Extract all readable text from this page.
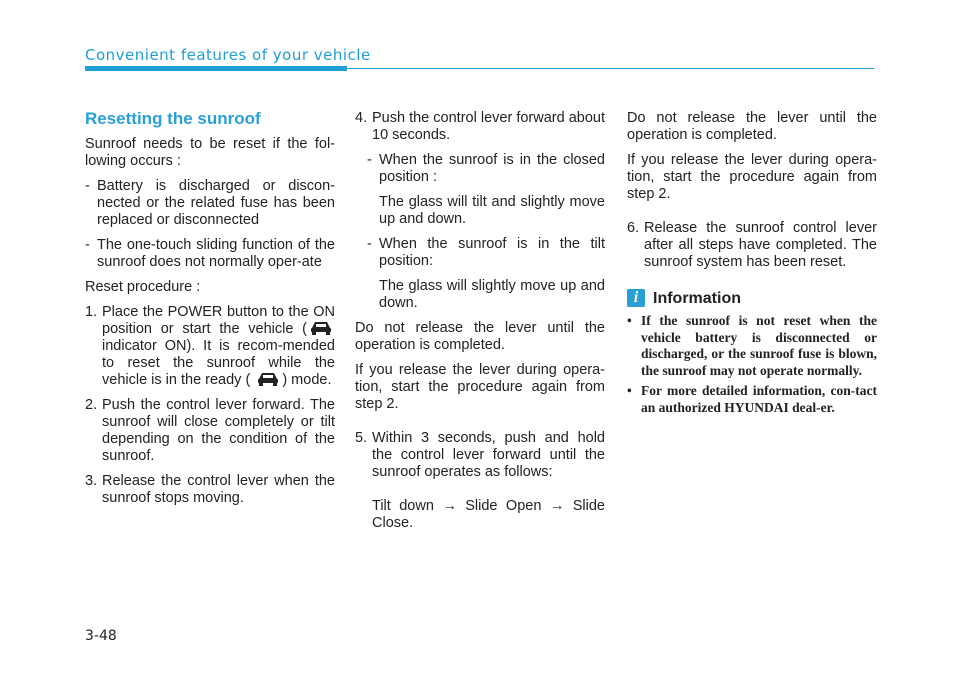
Convenient features of your vehicle
Resetting the sunroof

Sunroof needs to be reset if the fol-lowing occurs :

- Battery is discharged or discon-nected or the related fuse has been replaced or disconnected
- The one-touch sliding function of the sunroof does not normally oper-ate

Reset procedure :

1. Place the POWER button to the ON position or start the vehicle ( indicator ON). It is recom-mended to reset the sunroof while the vehicle is in the ready ( ) mode.
2. Push the control lever forward. The sunroof will close completely or tilt depending on the condition of the sunroof.
3. Release the control lever when the sunroof stops moving.
4. Push the control lever forward about 10 seconds.
- When the sunroof is in the closed position :

The glass will tilt and slightly move up and down.

- When the sunroof is in the tilt position:

The glass will slightly move up and down.

Do not release the lever until the operation is completed.

If you release the lever during opera-tion, start the procedure again from step 2.

5. Within 3 seconds, push and hold the control lever forward until the sunroof operates as follows:

Tilt down → Slide Open → Slide Close.

Do not release the lever until the operation is completed.

If you release the lever during opera-tion, start the procedure again from step 2.

6. Release the sunroof control lever after all steps have completed. The sunroof system has been reset.
i Information
• If the sunroof is not reset when the vehicle battery is disconnected or discharged, or the sunroof fuse is blown, the sunroof may not operate normally.
• For more detailed information, con-tact an authorized HYUNDAI deal-er.
3-48
